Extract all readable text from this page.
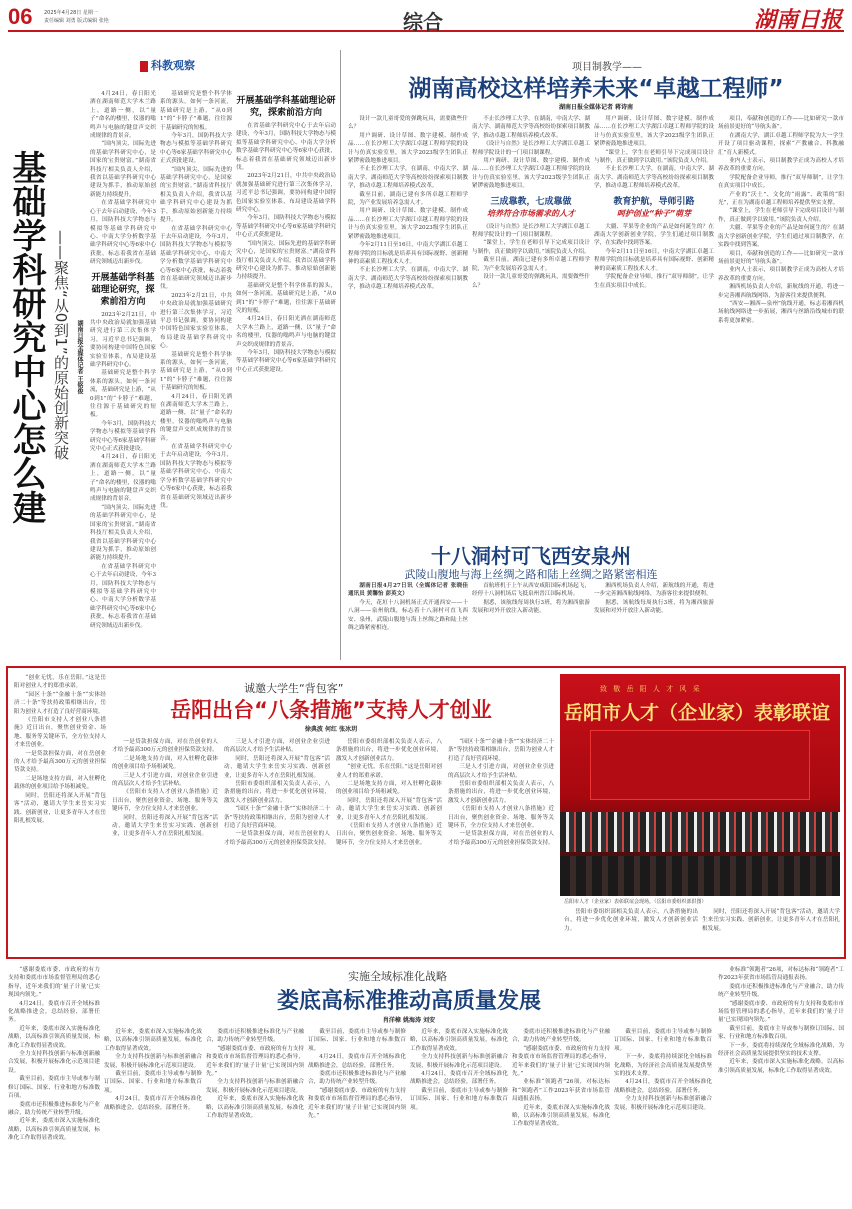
06 2025年4月28日 星期一
责任编辑 刘勇 版式编辑 张艳	综合	湖南日报
科教观察
基础学科研究中心怎么建 ——聚焦“从0到1”的原始创新突破	湖南日报全媒体记者 王铭俊

4月24日，春日阳光洒在湖南师范大学木兰路上，道路一侧，以“量子”命名的楼里，仪器的嗡鸣声与电脑的键盘声交织成规律的背景音。

“国内顶尖、国际先进的基础学科研究中心，是国家的宝贵财富。”湖南省科技厅相关负责人介绍，我省以基础学科研究中心建设为抓手，推动原始创新能力持续提升。

在省基础学科研究中心于去年启动建设，今年3月，国防科技大学物态与模拟等基础学科研究中心、中南大学分析数学基础学科研究中心等6家中心获批，标志着我省在基础研究领域迈出新步伐。

开展基础学科基础理论研究，探索前沿方向

2023年2月21日，中共中央政治局就加强基础研究进行第三次集体学习，习近平总书记强调，要协同构建中国特色国家实验室体系，布局建设基础学科研究中心。

基础研究是整个科学体系的源头，如何一条河流，基础研究是上游，“从0到1”的“卡脖子”难题，往往源于基础研究的短板。

今年3月，国防科技大学物态与模拟等基础学科研究中心等6家基础学科研究中心正式获批建设。

4月24日，春日阳光洒在湖南师范大学木兰路上，道路一侧，以“量子”命名的楼里，仪器的嗡鸣声与电脑的键盘声交织成规律的背景音。

“国内顶尖、国际先进的基础学科研究中心，是国家的宝贵财富。”湖南省科技厅相关负责人介绍，我省以基础学科研究中心建设为抓手，推动原始创新能力持续提升。

在省基础学科研究中心于去年启动建设，今年3月，国防科技大学物态与模拟等基础学科研究中心、中南大学分析数学基础学科研究中心等6家中心获批，标志着我省在基础研究领域迈出新步伐。

基础研究是整个科学体系的源头，如何一条河流，基础研究是上游，“从0到1”的“卡脖子”难题，往往源于基础研究的短板。

今年3月，国防科技大学物态与模拟等基础学科研究中心等6家基础学科研究中心正式获批建设。

“国内顶尖、国际先进的基础学科研究中心，是国家的宝贵财富。”湖南省科技厅相关负责人介绍，我省以基础学科研究中心建设为抓手，推动原始创新能力持续提升。

在省基础学科研究中心于去年启动建设，今年3月，国防科技大学物态与模拟等基础学科研究中心、中南大学分析数学基础学科研究中心等6家中心获批，标志着我省在基础研究领域迈出新步伐。

2023年2月21日，中共中央政治局就加强基础研究进行第三次集体学习，习近平总书记强调，要协同构建中国特色国家实验室体系，布局建设基础学科研究中心。

基础研究是整个科学体系的源头，如何一条河流，基础研究是上游，“从0到1”的“卡脖子”难题，往往源于基础研究的短板。

4月24日，春日阳光洒在湖南师范大学木兰路上，道路一侧，以“量子”命名的楼里，仪器的嗡鸣声与电脑的键盘声交织成规律的背景音。

在省基础学科研究中心于去年启动建设，今年3月，国防科技大学物态与模拟等基础学科研究中心、中南大学分析数学基础学科研究中心等6家中心获批，标志着我省在基础研究领域迈出新步伐。

开展基础学科基础理论研究，探索前沿方向

在省基础学科研究中心于去年启动建设，今年3月，国防科技大学物态与模拟等基础学科研究中心、中南大学分析数学基础学科研究中心等6家中心获批，标志着我省在基础研究领域迈出新步伐。

2023年2月21日，中共中央政治局就加强基础研究进行第三次集体学习，习近平总书记强调，要协同构建中国特色国家实验室体系，布局建设基础学科研究中心。

今年3月，国防科技大学物态与模拟等基础学科研究中心等6家基础学科研究中心正式获批建设。

“国内顶尖、国际先进的基础学科研究中心，是国家的宝贵财富。”湖南省科技厅相关负责人介绍，我省以基础学科研究中心建设为抓手，推动原始创新能力持续提升。

基础研究是整个科学体系的源头，如何一条河流，基础研究是上游，“从0到1”的“卡脖子”难题，往往源于基础研究的短板。

4月24日，春日阳光洒在湖南师范大学木兰路上，道路一侧，以“量子”命名的楼里，仪器的嗡鸣声与电脑的键盘声交织成规律的背景音。

今年3月，国防科技大学物态与模拟等基础学科研究中心等6家基础学科研究中心正式获批建设。

项目制教学——
湖南高校这样培养未来“卓越工程师”
湖南日报全媒体记者 蒋诗南

设计一款儿童哥爱的弹跳玩具，需要做些什么？

用户调研、设计草图、数字建模、制作成品……在长沙理工大学湖江卓越工程师学院的设计与仿真实验室里，该大学2023级学生团队正紧锣密鼓地推进项目。

不止长沙理工大学，在湖南，中南大学、湖南大学、湖南师范大学等高校纷纷探索项目制教学，推动卓越工程师培养模式改革。

截至目前，湖南已建有多所卓越工程师学院，为产业发展培养急需人才。

用户调研、设计草图、数字建模、制作成品……在长沙理工大学湖江卓越工程师学院的设计与仿真实验室里，该大学2023级学生团队正紧锣密鼓地推进项目。

今年2月11日至16日，中南大学湖江卓越工程师学院的目标就是培养具有国际视野、创新精神的高素质工程技术人才。

不止长沙理工大学，在湖南，中南大学、湖南大学、湖南师范大学等高校纷纷探索项目制教学，推动卓越工程师培养模式改革。

不止长沙理工大学，在湖南，中南大学、湖南大学、湖南师范大学等高校纷纷探索项目制教学，推动卓越工程师培养模式改革。

《设计与自然》是长沙理工大学湖江卓越工程师学院设计的一门项目制课程。

用户调研、设计草图、数字建模、制作成品……在长沙理工大学湖江卓越工程师学院的设计与仿真实验室里，该大学2023级学生团队正紧锣密鼓地推进项目。

三成靠教，七成靠做
培养符合市场需求的人才

《设计与自然》是长沙理工大学湖江卓越工程师学院设计的一门项目制课程。

“课堂上，学生在老师引导下完成项目设计与制作，真正做到学以致用。”该院负责人介绍。

截至目前，湖南已建有多所卓越工程师学院，为产业发展培养急需人才。

设计一款儿童哥爱的弹跳玩具，需要做些什么？

用户调研、设计草图、数字建模、制作成品……在长沙理工大学湖江卓越工程师学院的设计与仿真实验室里，该大学2023级学生团队正紧锣密鼓地推进项目。

“课堂上，学生在老师引导下完成项目设计与制作，真正做到学以致用。”该院负责人介绍。

不止长沙理工大学，在湖南，中南大学、湖南大学、湖南师范大学等高校纷纷探索项目制教学，推动卓越工程师培养模式改革。

教育护航，导师引路
呵护创业“种子”萌芽

大疆、苹果等企业的产品是如何诞生的？在湖南大学创新创业学院，学生们通过项目制教学，在实践中找到答案。

今年2月11日至16日，中南大学湖江卓越工程师学院的目标就是培养具有国际视野、创新精神的高素质工程技术人才。

学院配备企业导师，推行“双导师制”，让学生在真实项目中成长。

项目，奉献和创造的工作——比如研究一款市场前景更好的“导航头盔”。

在湖南大学，湖江卓越工程师学院为大一学生开设了项目驱动课程，探索“产教融合、科教融汇”育人新模式。

业内人士表示，项目制教学正成为高校人才培养改革的重要方向。

学院配备企业导师，推行“双导师制”，让学生在真实项目中成长。

产业的“沃土”、文化的“雨露”、政策的“阳光”，正在为湖南卓越工程师培养提供坚实支撑。

“课堂上，学生在老师引导下完成项目设计与制作，真正做到学以致用。”该院负责人介绍。

大疆、苹果等企业的产品是如何诞生的？在湖南大学创新创业学院，学生们通过项目制教学，在实践中找到答案。

项目，奉献和创造的工作——比如研究一款市场前景更好的“导航头盔”。

业内人士表示，项目制教学正成为高校人才培养改革的重要方向。

湘西机场负责人介绍，新航线的开通，将进一步完善湘西航线网络，为游客往来提供便利。

“西安—湘西—泉州”航线开通，标志着湘西机场航线网络进一步拓展，湘西与丝路沿线城市的联系将更加紧密。

十八洞村可飞西安泉州
武陵山腹地与海上丝绸之路和陆上丝绸之路紧密相连

湖南日报4月27日讯（全媒体记者 张晓佳 通讯员 黄馨怡 彭英文）

今天，花垣十八洞机场正式开通西安——十八洞——泉州航线，标志着十八洞村可直飞西安、泉州，武陵山腹地与海上丝绸之路和陆上丝绸之路紧密相连。

首航班机于上午从西安咸阳国际机场起飞，经停十八洞机场后飞抵泉州晋江国际机场。

据悉，该航线每周执行3班，将为湘西旅游发展和对外开放注入新动能。

湘西机场负责人介绍，新航线的开通，将进一步完善湘西航线网络，为游客往来提供便利。

据悉，该航线每周执行3班，将为湘西旅游发展和对外开放注入新动能。

“创业无忧，乐在岳阳。”这是岳阳对创业人才的郑重承诺。

“园区十条”“金融十条”“实体经济二十条”等扶持政策相继出台，岳阳为创业人才打造了良好营商环境。

《岳阳市支持人才创业八条措施》近日出台，聚焦创业资金、场地、服务等关键环节，全方位支持人才来岳创业。

一是贷款担保方面，对在岳创业的人才给予最高300万元的创业担保贷款支持。

二是场地支持方面，对入驻孵化载体的创业项目给予场租减免。

同时，岳阳还将深入开展“背包客”活动，邀请大学生来岳实习实践、创新创业，让更多青年人才在岳阳扎根发展。

诚邀大学生“背包客”
岳阳出台“八条措施”支持人才创业
徐典波 何红 张冰玥

一是贷款担保方面，对在岳创业的人才给予最高300万元的创业担保贷款支持。

二是场地支持方面，对入驻孵化载体的创业项目给予场租减免。

三是人才引进方面，对创业企业引进的高层次人才给予生活补贴。

《岳阳市支持人才创业八条措施》近日出台，聚焦创业资金、场地、服务等关键环节，全方位支持人才来岳创业。

同时，岳阳还将深入开展“背包客”活动，邀请大学生来岳实习实践、创新创业，让更多青年人才在岳阳扎根发展。

三是人才引进方面，对创业企业引进的高层次人才给予生活补贴。

同时，岳阳还将深入开展“背包客”活动，邀请大学生来岳实习实践、创新创业，让更多青年人才在岳阳扎根发展。

岳阳市委组织部相关负责人表示，八条措施的出台，将进一步优化创业环境，激发人才创新创业活力。

“园区十条”“金融十条”“实体经济二十条”等扶持政策相继出台，岳阳为创业人才打造了良好营商环境。

一是贷款担保方面，对在岳创业的人才给予最高300万元的创业担保贷款支持。

岳阳市委组织部相关负责人表示，八条措施的出台，将进一步优化创业环境，激发人才创新创业活力。

“创业无忧，乐在岳阳。”这是岳阳对创业人才的郑重承诺。

二是场地支持方面，对入驻孵化载体的创业项目给予场租减免。

同时，岳阳还将深入开展“背包客”活动，邀请大学生来岳实习实践、创新创业，让更多青年人才在岳阳扎根发展。

《岳阳市支持人才创业八条措施》近日出台，聚焦创业资金、场地、服务等关键环节，全方位支持人才来岳创业。

“园区十条”“金融十条”“实体经济二十条”等扶持政策相继出台，岳阳为创业人才打造了良好营商环境。

三是人才引进方面，对创业企业引进的高层次人才给予生活补贴。

岳阳市委组织部相关负责人表示，八条措施的出台，将进一步优化创业环境，激发人才创新创业活力。

《岳阳市支持人才创业八条措施》近日出台，聚焦创业资金、场地、服务等关键环节，全方位支持人才来岳创业。

一是贷款担保方面，对在岳创业的人才给予最高300万元的创业担保贷款支持。

致 敬 岳 阳 人 才 风 采
岳阳市人才（企业家）表彰联谊
岳阳市人才（企业家）表彰联谊会现场。（岳阳市委组织部供图）

岳阳市委组织部相关负责人表示，八条措施的出台，将进一步优化创业环境，激发人才创新创业活力。

同时，岳阳还将深入开展“背包客”活动，邀请大学生来岳实习实践、创新创业，让更多青年人才在岳阳扎根发展。

“感谢娄底市委、市政府的有力支持和娄底市市场监督管理局的悉心指导，近年来我们的‘量子计量’已实现国内领先。”

4月24日，娄底市召开全域标准化战略推进会，总结经验，部署任务。

近年来，娄底市深入实施标准化战略，以高标准引领高质量发展，标准化工作取得显著成效。

全力支持科技创新与标准创新融合发展，积极开展标准化示范项目建设。

截至目前，娄底市主导或参与制修订国际、国家、行业和地方标准数百项。

娄底市还积极推进标准化与产业融合，助力传统产业转型升级。

近年来，娄底市深入实施标准化战略，以高标准引领高质量发展，标准化工作取得显著成效。

实施全域标准化战略
娄底高标准推动高质量发展
肖洋樟 姚海涛 刘安

近年来，娄底市深入实施标准化战略，以高标准引领高质量发展，标准化工作取得显著成效。

全力支持科技创新与标准创新融合发展，积极开展标准化示范项目建设。

截至目前，娄底市主导或参与制修订国际、国家、行业和地方标准数百项。

4月24日，娄底市召开全域标准化战略推进会，总结经验，部署任务。

娄底市还积极推进标准化与产业融合，助力传统产业转型升级。

“感谢娄底市委、市政府的有力支持和娄底市市场监督管理局的悉心指导，近年来我们的‘量子计量’已实现国内领先。”

全力支持科技创新与标准创新融合发展，积极开展标准化示范项目建设。

近年来，娄底市深入实施标准化战略，以高标准引领高质量发展，标准化工作取得显著成效。

截至目前，娄底市主导或参与制修订国际、国家、行业和地方标准数百项。

4月24日，娄底市召开全域标准化战略推进会，总结经验，部署任务。

娄底市还积极推进标准化与产业融合，助力传统产业转型升级。

“感谢娄底市委、市政府的有力支持和娄底市市场监督管理局的悉心指导，近年来我们的‘量子计量’已实现国内领先。”

近年来，娄底市深入实施标准化战略，以高标准引领高质量发展，标准化工作取得显著成效。

全力支持科技创新与标准创新融合发展，积极开展标准化示范项目建设。

4月24日，娄底市召开全域标准化战略推进会，总结经验，部署任务。

截至目前，娄底市主导或参与制修订国际、国家、行业和地方标准数百项。

娄底市还积极推进标准化与产业融合，助力传统产业转型升级。

“感谢娄底市委、市政府的有力支持和娄底市市场监督管理局的悉心指导，近年来我们的‘量子计量’已实现国内领先。”

业标准“领跑者”26项，对标达标和“领跑者”工作2023年获省市场监管局通报表扬。

近年来，娄底市深入实施标准化战略，以高标准引领高质量发展，标准化工作取得显著成效。

截至目前，娄底市主导或参与制修订国际、国家、行业和地方标准数百项。

下一步，娄底将持续深化全域标准化战略，为经济社会高质量发展提供坚实的技术支撑。

4月24日，娄底市召开全域标准化战略推进会，总结经验，部署任务。

全力支持科技创新与标准创新融合发展，积极开展标准化示范项目建设。

业标准“领跑者”26项，对标达标和“领跑者”工作2023年获省市场监管局通报表扬。

娄底市还积极推进标准化与产业融合，助力传统产业转型升级。

“感谢娄底市委、市政府的有力支持和娄底市市场监督管理局的悉心指导，近年来我们的‘量子计量’已实现国内领先。”

截至目前，娄底市主导或参与制修订国际、国家、行业和地方标准数百项。

下一步，娄底将持续深化全域标准化战略，为经济社会高质量发展提供坚实的技术支撑。

近年来，娄底市深入实施标准化战略，以高标准引领高质量发展，标准化工作取得显著成效。
